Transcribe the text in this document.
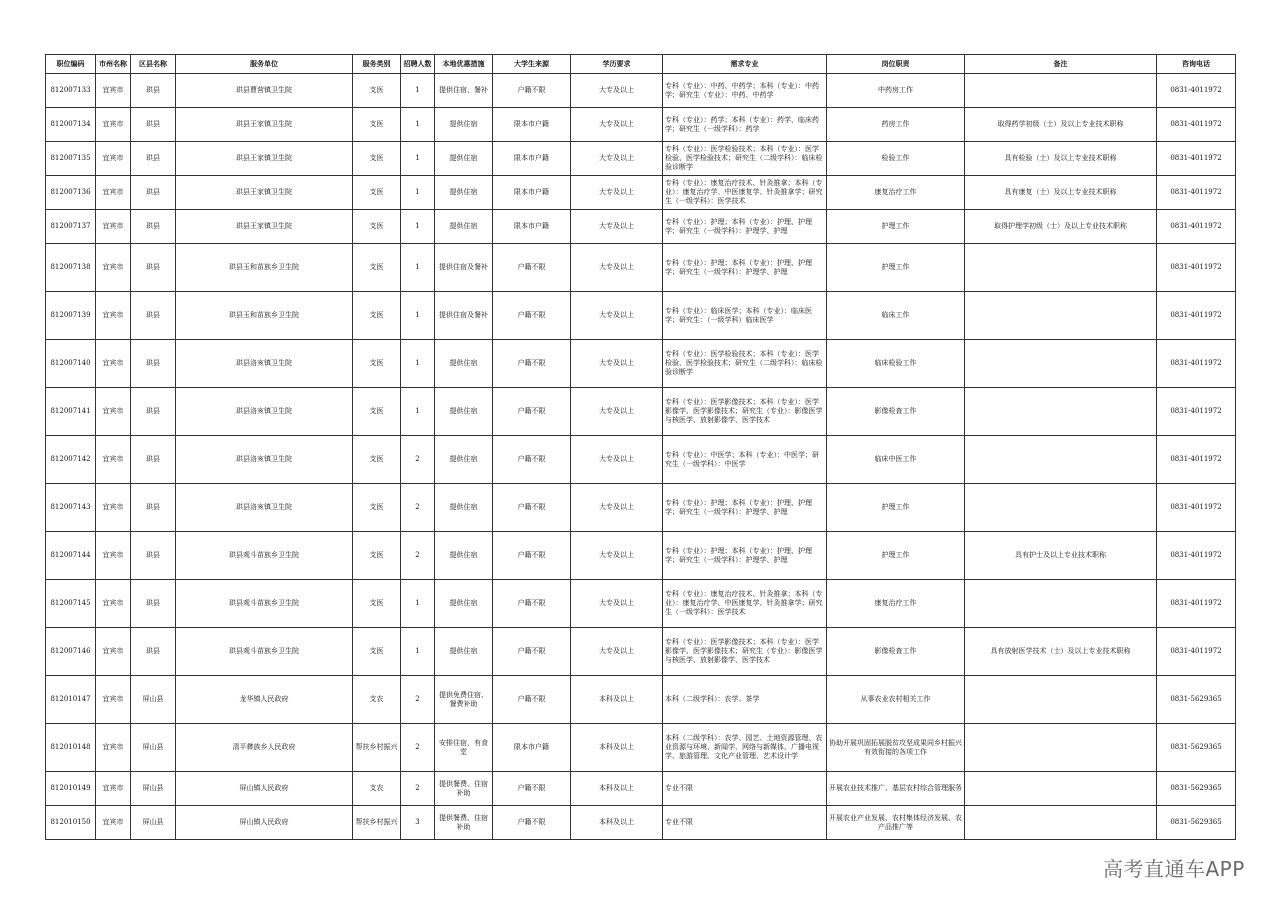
职位编码	市州名称	区县名称	服务单位	服务类别	招聘人数	本地优惠措施	大学生来源	学历要求	需求专业	岗位职责	备注	咨询电话
812007133	宜宾市	珙县	珙县曹营镇卫生院	支医	1	提供住宿、餐补	户籍不限	大专及以上	专科（专业）：中药、中药学；本科（专业）：中药学；研究生（专业）：中药、中药学	中药房工作		0831-4011972
812007134	宜宾市	珙县	珙县王家镇卫生院	支医	1	提供住宿	限本市户籍	大专及以上	专科（专业）：药学；本科（专业）：药学、临床药学；研究生（一级学科）：药学	药房工作	取得药学初级（士）及以上专业技术职称	0831-4011972
812007135	宜宾市	珙县	珙县王家镇卫生院	支医	1	提供住宿	限本市户籍	大专及以上	专科（专业）：医学检验技术；本科（专业）：医学检验、医学检验技术；研究生（二级学科）：临床检验诊断学	检验工作	具有检验（士）及以上专业技术职称	0831-4011972
812007136	宜宾市	珙县	珙县王家镇卫生院	支医	1	提供住宿	限本市户籍	大专及以上	专科（专业）：康复治疗技术、针灸推拿；本科（专业）：康复治疗学、中医康复学、针灸推拿学；研究生（一级学科）：医学技术	康复治疗工作	具有康复（士）及以上专业技术职称	0831-4011972
812007137	宜宾市	珙县	珙县王家镇卫生院	支医	1	提供住宿	限本市户籍	大专及以上	专科（专业）：护理；本科（专业）：护理、护理学；研究生（一级学科）：护理学、护理	护理工作	取得护理学初级（士）及以上专业技术职称	0831-4011972
812007138	宜宾市	珙县	珙县玉和苗族乡卫生院	支医	1	提供住宿及餐补	户籍不限	大专及以上	专科（专业）：护理；本科（专业）：护理、护理学；研究生（一级学科）：护理学、护理	护理工作		0831-4011972
812007139	宜宾市	珙县	珙县玉和苗族乡卫生院	支医	1	提供住宿及餐补	户籍不限	大专及以上	专科（专业）：临床医学；本科（专业）：临床医学；研究生：（一级学科）临床医学	临床工作		0831-4011972
812007140	宜宾市	珙县	珙县洛亥镇卫生院	支医	1	提供住宿	户籍不限	大专及以上	专科（专业）：医学检验技术；本科（专业）：医学检验、医学检验技术；研究生（二级学科）：临床检验诊断学	临床检验工作		0831-4011972
812007141	宜宾市	珙县	珙县洛亥镇卫生院	支医	1	提供住宿	户籍不限	大专及以上	专科（专业）：医学影像技术；本科（专业）：医学影像学、医学影像技术；研究生（专业）：影像医学与核医学、放射影像学、医学技术	影像检查工作		0831-4011972
812007142	宜宾市	珙县	珙县洛亥镇卫生院	支医	2	提供住宿	户籍不限	大专及以上	专科（专业）：中医学；本科（专业）：中医学；研究生（一级学科）：中医学	临床中医工作		0831-4011972
812007143	宜宾市	珙县	珙县洛亥镇卫生院	支医	2	提供住宿	户籍不限	大专及以上	专科（专业）：护理；本科（专业）：护理、护理学；研究生（一级学科）：护理学、护理	护理工作		0831-4011972
812007144	宜宾市	珙县	珙县观斗苗族乡卫生院	支医	2	提供住宿	户籍不限	大专及以上	专科（专业）：护理；本科（专业）：护理、护理学；研究生（一级学科）：护理学、护理	护理工作	具有护士及以上专业技术职称	0831-4011972
812007145	宜宾市	珙县	珙县观斗苗族乡卫生院	支医	1	提供住宿	户籍不限	大专及以上	专科（专业）：康复治疗技术、针灸推拿；本科（专业）：康复治疗学、中医康复学、针灸推拿学；研究生（一级学科）：医学技术	康复治疗工作		0831-4011972
812007146	宜宾市	珙县	珙县观斗苗族乡卫生院	支医	1	提供住宿	户籍不限	大专及以上	专科（专业）：医学影像技术；本科（专业）：医学影像学、医学影像技术；研究生（专业）：影像医学与核医学、放射影像学、医学技术	影像检查工作	具有放射医学技术（士）及以上专业技术职称	0831-4011972
812010147	宜宾市	屏山县	龙华镇人民政府	支农	2	提供免费住宿、餐费补助	户籍不限	本科及以上	本科（二级学科）：农学、茶学	从事农业农村相关工作		0831-5629365
812010148	宜宾市	屏山县	清平彝族乡人民政府	帮扶乡村振兴	2	安排住宿，有食堂	限本市户籍	本科及以上	本科（二级学科）：农学、园艺、土地资源管理、农业资源与环境、新闻学、网络与新媒体、广播电视学、旅游管理、文化产业管理、艺术设计学	协助开展巩固拓展脱贫攻坚成果同乡村振兴有效衔接的各项工作		0831-5629365
812010149	宜宾市	屏山县	屏山镇人民政府	支农	2	提供餐费、住宿补助	户籍不限	本科及以上	专业不限	开展农业技术推广、基层农村综合管理服务		0831-5629365
812010150	宜宾市	屏山县	屏山镇人民政府	帮扶乡村振兴	3	提供餐费、住宿补助	户籍不限	本科及以上	专业不限	开展农业产业发展、农村集体经济发展、农产品推广等		0831-5629365
高考直通车APP
